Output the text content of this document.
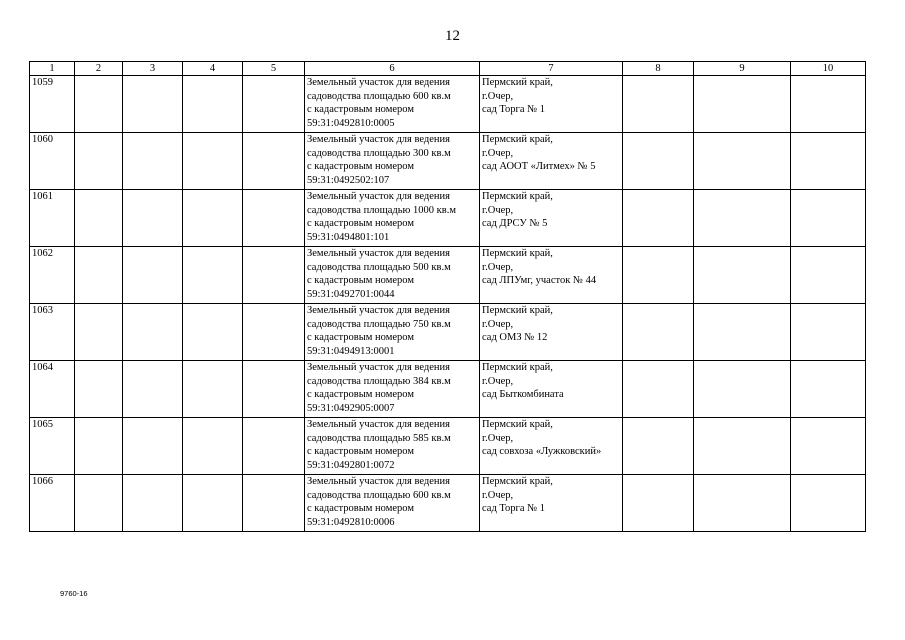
12
1	2	3	4	5	6	7	8	9	10
1059					Земельный участок для ведения
садоводства площадью 600 кв.м
с кадастровым номером
59:31:0492810:0005	Пермский край,
г.Очер,
сад Торга № 1			

1060					Земельный участок для ведения
садоводства площадью 300 кв.м
с кадастровым номером
59:31:0492502:107	Пермский край,
г.Очер,
сад АООТ «Литмех» № 5			

1061					Земельный участок для ведения
садоводства площадью 1000 кв.м
с кадастровым номером
59:31:0494801:101	Пермский край,
г.Очер,
сад ДРСУ № 5			

1062					Земельный участок для ведения
садоводства площадью 500 кв.м
с кадастровым номером
59:31:0492701:0044	Пермский край,
г.Очер,
сад ЛПУмг, участок № 44			

1063					Земельный участок для ведения
садоводства площадью 750 кв.м
с кадастровым номером
59:31:0494913:0001	Пермский край,
г.Очер,
сад ОМЗ № 12			

1064					Земельный участок для ведения
садоводства площадью 384 кв.м
с кадастровым номером
59:31:0492905:0007	Пермский край,
г.Очер,
сад Быткомбината			

1065					Земельный участок для ведения
садоводства площадью 585 кв.м
с кадастровым номером
59:31:0492801:0072	Пермский край,
г.Очер,
сад совхоза «Лужковский»			

1066					Земельный участок для ведения
садоводства площадью 600 кв.м
с кадастровым номером
59:31:0492810:0006	Пермский край,
г.Очер,
сад Торга № 1			

9760-16
